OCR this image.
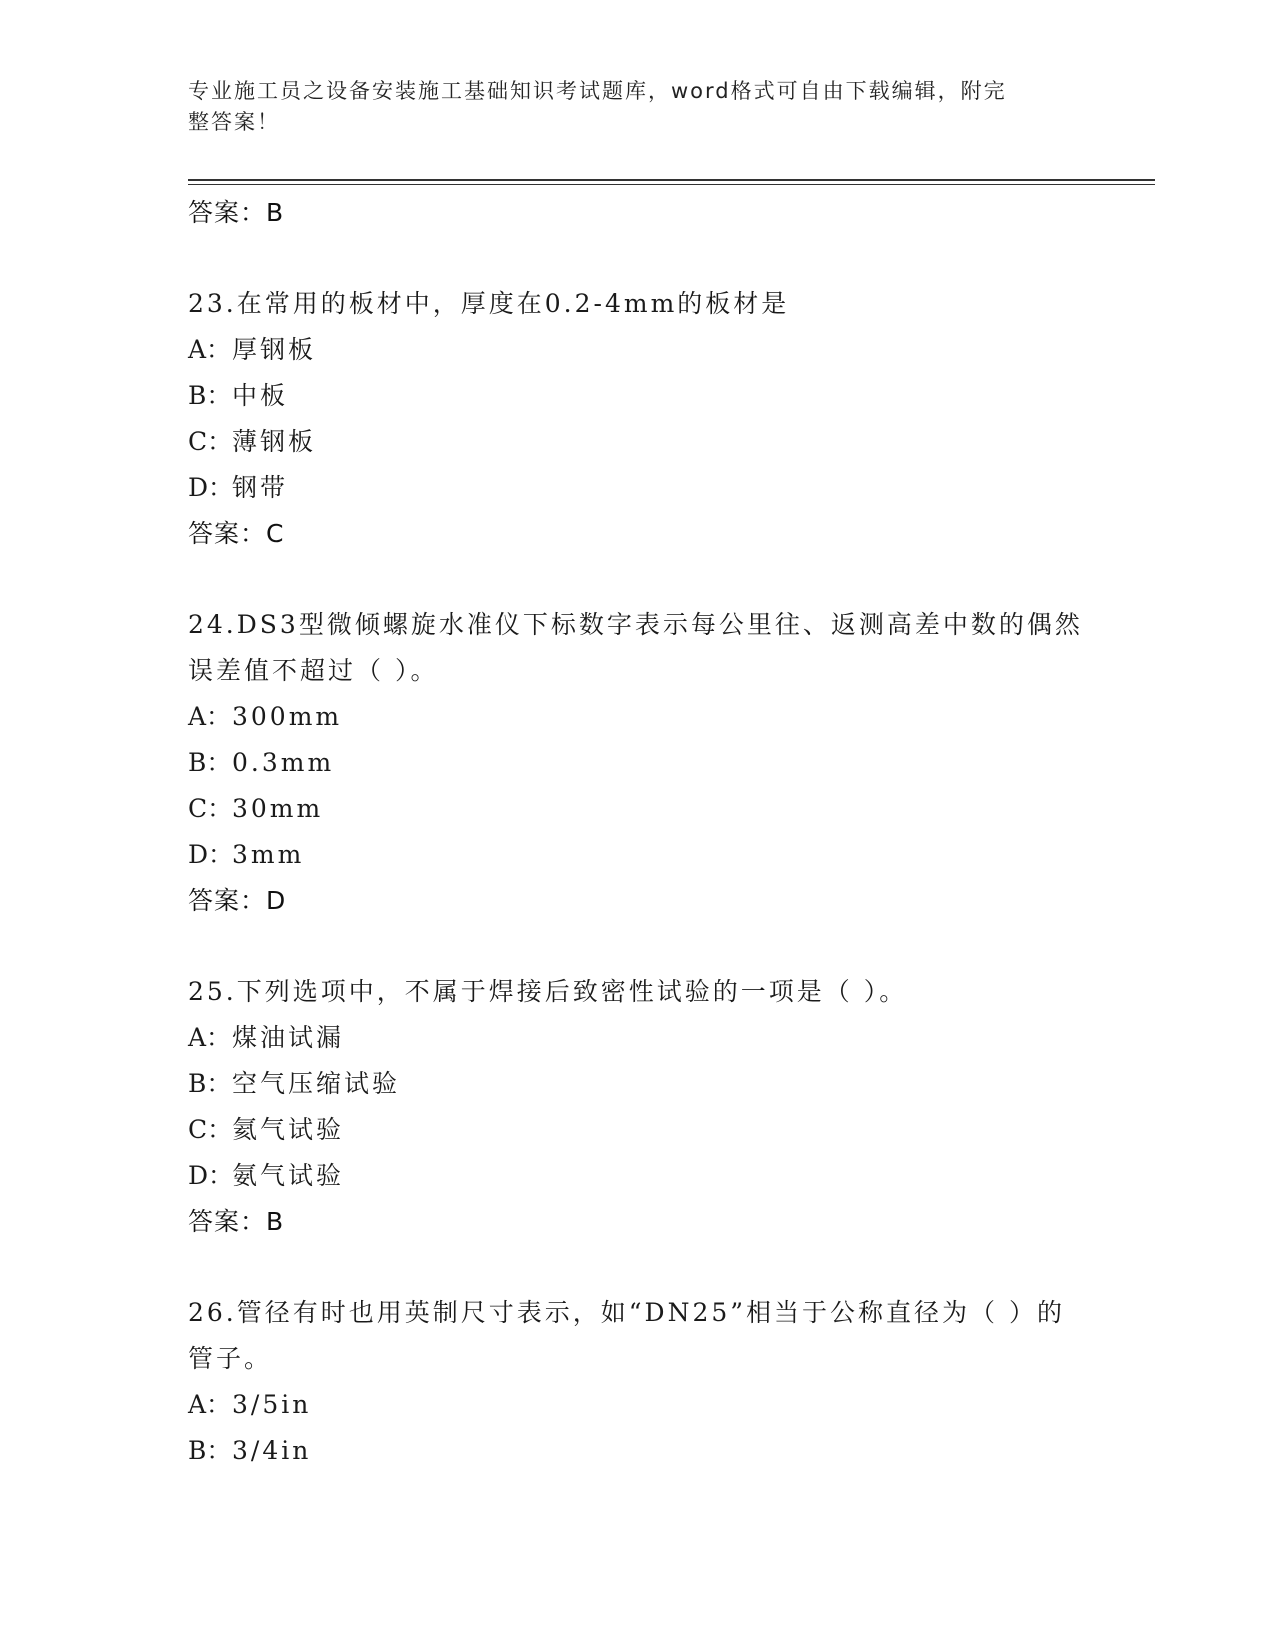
专业施工员之设备安装施工基础知识考试题库，word格式可自由下载编辑，附完
整答案！
答案：B
23.在常用的板材中，厚度在0.2-4mm的板材是
A：厚钢板
B：中板
C：薄钢板
D：钢带
答案：C
24.DS3型微倾螺旋水准仪下标数字表示每公里往、返测高差中数的偶然误差值不超过（ ）。
A：300mm
B：0.3mm
C：30mm
D：3mm
答案：D
25.下列选项中，不属于焊接后致密性试验的一项是（ ）。
A：煤油试漏
B：空气压缩试验
C：氦气试验
D：氨气试验
答案：B
26.管径有时也用英制尺寸表示，如“DN25”相当于公称直径为（ ）的管子。
A：3/5in
B：3/4in
